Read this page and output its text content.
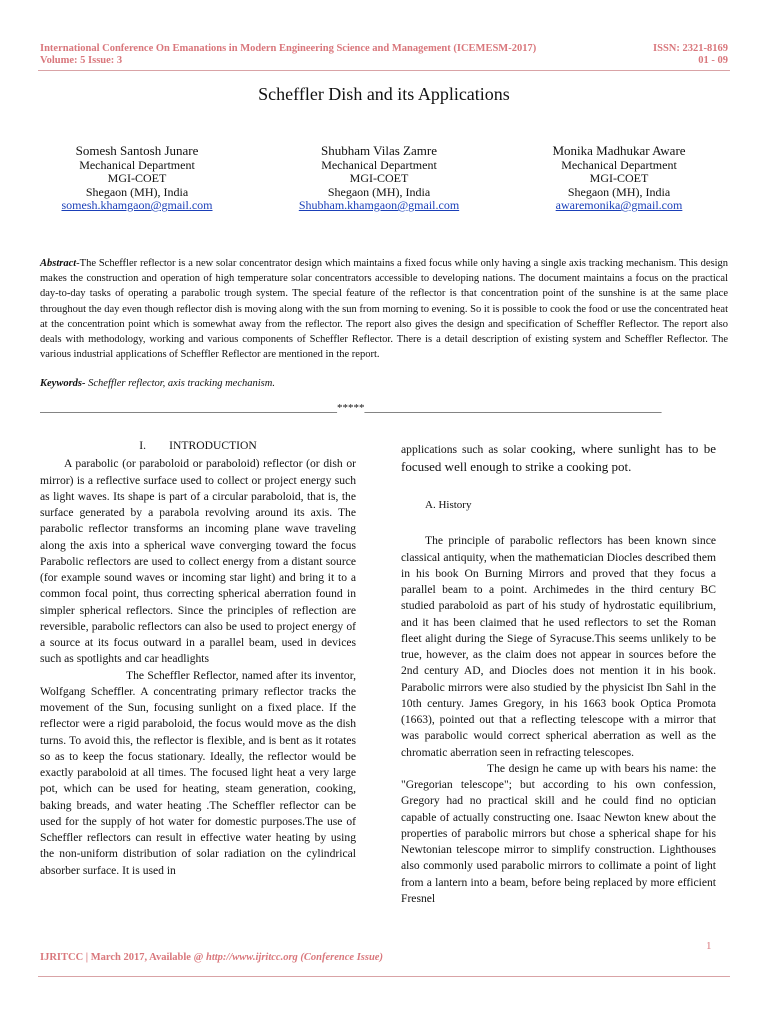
International Conference On Emanations in Modern Engineering Science and Management (ICEMESM-2017)
Volume: 5 Issue: 3
ISSN: 2321-8169
01 - 09
Scheffler Dish and its Applications
Somesh Santosh Junare
Mechanical Department
MGI-COET
Shegaon (MH), India
somesh.khamgaon@gmail.com
Shubham Vilas Zamre
Mechanical Department
MGI-COET
Shegaon (MH), India
Shubham.khamgaon@gmail.com
Monika Madhukar Aware
Mechanical Department
MGI-COET
Shegaon (MH), India
awaremonika@gmail.com
Abstract-The Scheffler reflector is a new solar concentrator design which maintains a fixed focus while only having a single axis tracking mechanism. This design makes the construction and operation of high temperature solar concentrators accessible to developing nations. The document maintains a focus on the practical day-to-day tasks of operating a parabolic trough system. The special feature of the reflector is that concentration point of the sunshine is at the same place throughout the day even though reflector dish is moving along with the sun from morning to evening. So it is possible to cook the food or use the concentrated heat at the concentration point which is somewhat away from the reflector. The report also gives the design and specification of Scheffler Reflector. The report also deals with methodology, working and various components of Scheffler Reflector. There is a detail description of existing system and Scheffler Reflector. The various industrial applications of Scheffler Reflector are mentioned in the report.
Keywords- Scheffler reflector, axis tracking mechanism.
______________________________________________________*****______________________________________________________

I.        INTRODUCTION

A parabolic (or paraboloid or paraboloid) reflector (or dish or mirror) is a reflective surface used to collect or project energy such as light waves. Its shape is part of a circular paraboloid, that is, the surface generated by a parabola revolving around its axis. The parabolic reflector transforms an incoming plane wave traveling along the axis into a spherical wave converging toward the focus Parabolic reflectors are used to collect energy from a distant source (for example sound waves or incoming star light) and bring it to a common focal point, thus correcting spherical aberration found in simpler spherical reflectors. Since the principles of reflection are reversible, parabolic reflectors can also be used to project energy of a source at its focus outward in a parallel beam, used in devices such as spotlights and car headlights

The Scheffler Reflector, named after its inventor, Wolfgang Scheffler. A concentrating primary reflector tracks the movement of the Sun, focusing sunlight on a fixed place. If the reflector were a rigid paraboloid, the focus would move as the dish turns. To avoid this, the reflector is flexible, and is bent as it rotates so as to keep the focus stationary. Ideally, the reflector would be exactly paraboloid at all times. The focused light heat a very large pot, which can be used for heating, steam generation, cooking, baking breads, and water heating .The Scheffler reflector can be used for the supply of hot water for domestic purposes.The use of Scheffler reflectors can result in effective water heating by using the non-uniform distribution of solar radiation on the cylindrical absorber surface. It is used in

applications such as solar cooking, where sunlight has to be focused well enough to strike a cooking pot.

A. History

The principle of parabolic reflectors has been known since classical antiquity, when the mathematician Diocles described them in his book On Burning Mirrors and proved that they focus a parallel beam to a point. Archimedes in the third century BC studied paraboloid as part of his study of hydrostatic equilibrium, and it has been claimed that he used reflectors to set the Roman fleet alight during the Siege of Syracuse.This seems unlikely to be true, however, as the claim does not appear in sources before the 2nd century AD, and Diocles does not mention it in his book. Parabolic mirrors were also studied by the physicist Ibn Sahl in the 10th century. James Gregory, in his 1663 book Optica Promota (1663), pointed out that a reflecting telescope with a mirror that was parabolic would correct spherical aberration as well as the chromatic aberration seen in refracting telescopes.

The design he came up with bears his name: the "Gregorian telescope"; but according to his own confession, Gregory had no practical skill and he could find no optician capable of actually constructing one. Isaac Newton knew about the properties of parabolic mirrors but chose a spherical shape for his Newtonian telescope mirror to simplify construction. Lighthouses also commonly used parabolic mirrors to collimate a point of light from a lantern into a beam, before being replaced by more efficient Fresnel

1
IJRITCC | March 2017, Available @ http://www.ijritcc.org (Conference Issue)
